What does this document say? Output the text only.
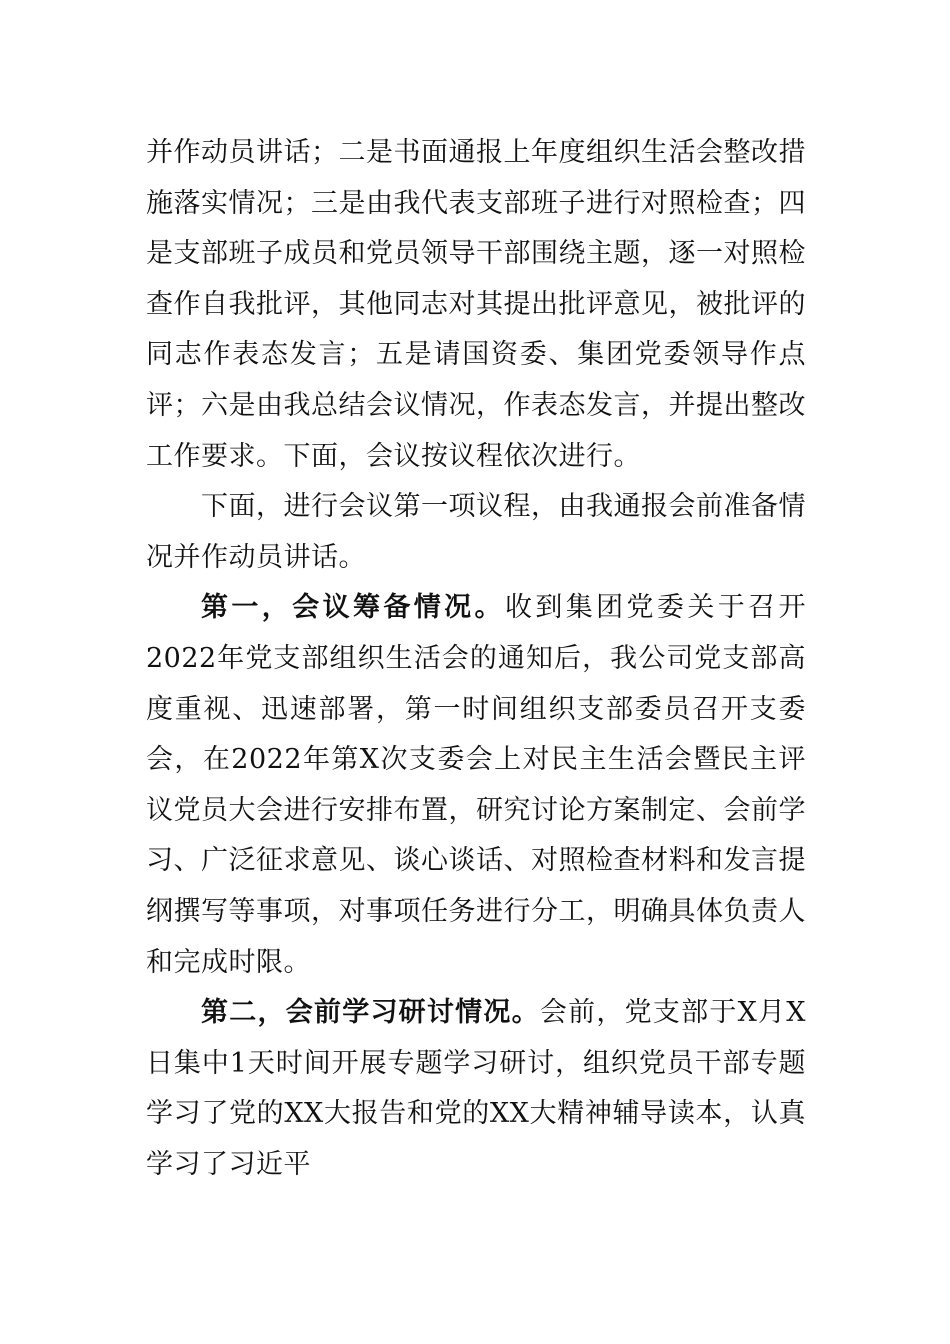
并作动员讲话；二是书面通报上年度组织生活会整改措施落实情况；三是由我代表支部班子进行对照检查；四是支部班子成员和党员领导干部围绕主题，逐一对照检查作自我批评，其他同志对其提出批评意见，被批评的同志作表态发言；五是请国资委、集团党委领导作点评；六是由我总结会议情况，作表态发言，并提出整改工作要求。下面，会议按议程依次进行。

下面，进行会议第一项议程，由我通报会前准备情况并作动员讲话。

第一，会议筹备情况。收到集团党委关于召开2022年党支部组织生活会的通知后，我公司党支部高度重视、迅速部署，第一时间组织支部委员召开支委会，在2022年第X次支委会上对民主生活会暨民主评议党员大会进行安排布置，研究讨论方案制定、会前学习、广泛征求意见、谈心谈话、对照检查材料和发言提纲撰写等事项，对事项任务进行分工，明确具体负责人和完成时限。

第二，会前学习研讨情况。会前，党支部于X月X日集中1天时间开展专题学习研讨，组织党员干部专题学习了党的XX大报告和党的XX大精神辅导读本，认真学习了习近平
